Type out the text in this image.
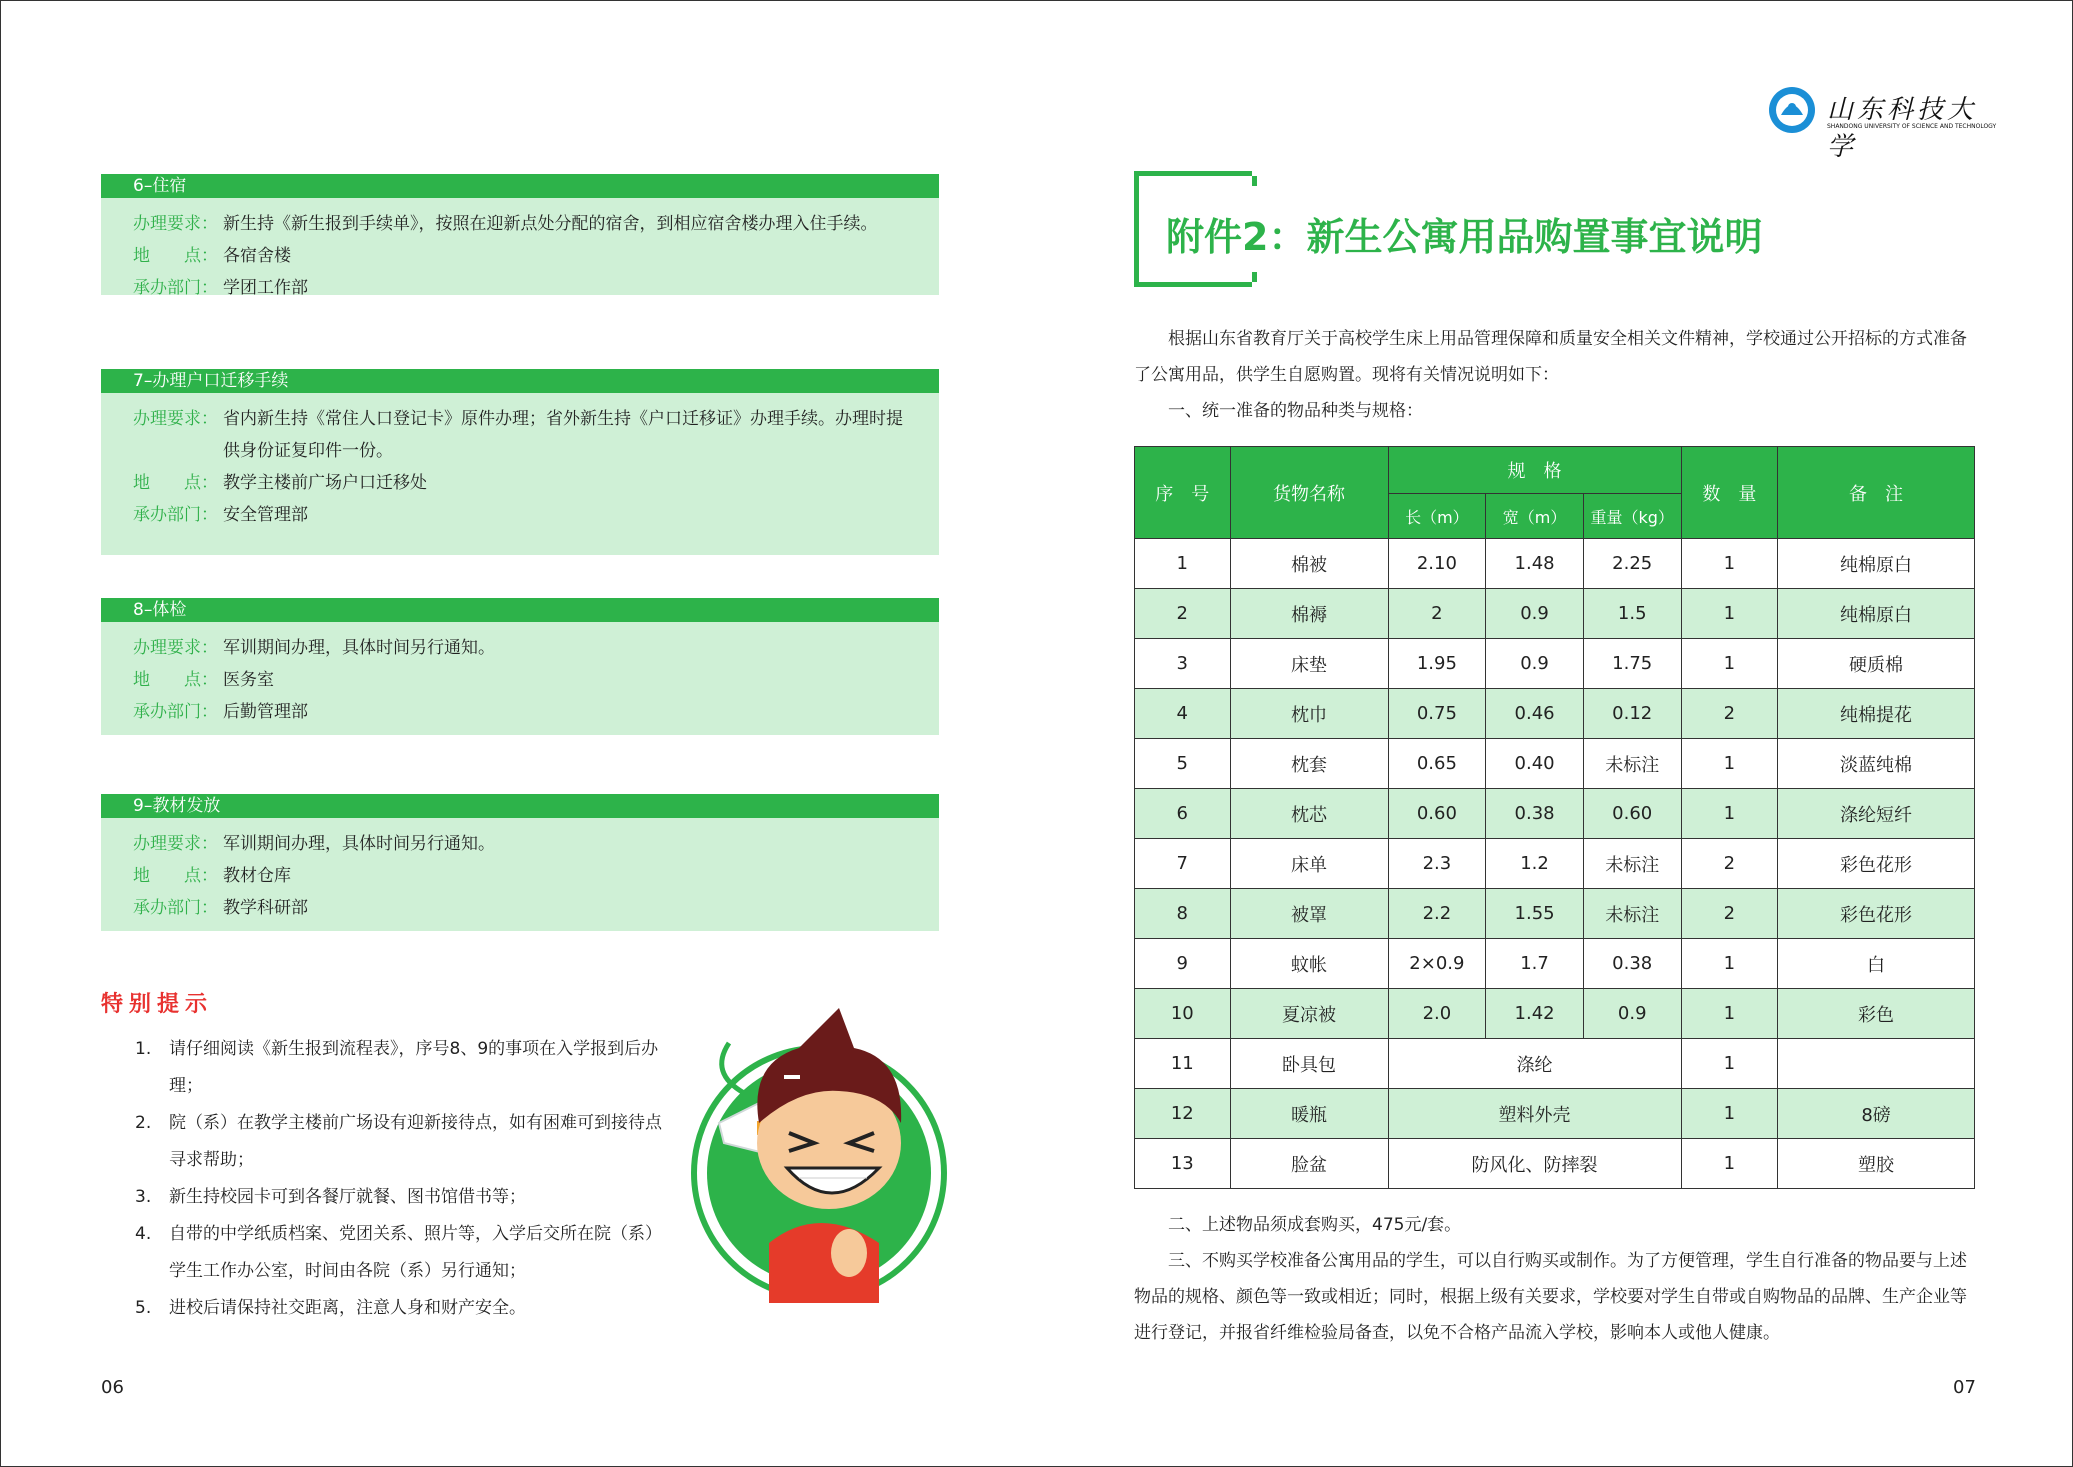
6–住宿
办理要求： 新生持《新生报到手续单》，按照在迎新点处分配的宿舍，到相应宿舍楼办理入住手续。
地　　点： 各宿舍楼
承办部门： 学团工作部
7–办理户口迁移手续
办理要求： 省内新生持《常住人口登记卡》原件办理；省外新生持《户口迁移证》办理手续。办理时提供身份证复印件一份。
地　　点： 教学主楼前广场户口迁移处
承办部门： 安全管理部
8–体检
办理要求： 军训期间办理，具体时间另行通知。
地　　点： 医务室
承办部门： 后勤管理部
9–教材发放
办理要求： 军训期间办理，具体时间另行通知。
地　　点： 教材仓库
承办部门： 教学科研部
特别提示
1.	请仔细阅读《新生报到流程表》，序号8、9的事项在入学报到后办理；
2.	院（系）在教学主楼前广场设有迎新接待点，如有困难可到接待点寻求帮助；
3.	新生持校园卡可到各餐厅就餐、图书馆借书等；
4.	自带的中学纸质档案、党团关系、照片等，入学后交所在院（系）学生工作办公室，时间由各院（系）另行通知；
5.	进校后请保持社交距离，注意人身和财产安全。
06
山东科技大学
SHANDONG UNIVERSITY OF SCIENCE AND TECHNOLOGY
附件2：新生公寓用品购置事宜说明
根据山东省教育厅关于高校学生床上用品管理保障和质量安全相关文件精神，学校通过公开招标的方式准备了公寓用品，供学生自愿购置。现将有关情况说明如下：
一、统一准备的物品种类与规格：
序　号	货物名称	规　格			数　量	备　注
		长（m）	宽（m）	重量（kg）		
1	棉被	2.10	1.48	2.25	1	纯棉原白
2	棉褥	2	0.9	1.5	1	纯棉原白
3	床垫	1.95	0.9	1.75	1	硬质棉
4	枕巾	0.75	0.46	0.12	2	纯棉提花
5	枕套	0.65	0.40	未标注	1	淡蓝纯棉
6	枕芯	0.60	0.38	0.60	1	涤纶短纤
7	床单	2.3	1.2	未标注	2	彩色花形
8	被罩	2.2	1.55	未标注	2	彩色花形
9	蚊帐	2×0.9	1.7	0.38	1	白
10	夏凉被	2.0	1.42	0.9	1	彩色
11	卧具包	涤纶			1	
12	暖瓶	塑料外壳			1	8磅
13	脸盆	防风化、防摔裂			1	塑胶
二、上述物品须成套购买，475元/套。
三、不购买学校准备公寓用品的学生，可以自行购买或制作。为了方便管理，学生自行准备的物品要与上述物品的规格、颜色等一致或相近；同时，根据上级有关要求，学校要对学生自带或自购物品的品牌、生产企业等进行登记，并报省纤维检验局备查，以免不合格产品流入学校，影响本人或他人健康。
07
